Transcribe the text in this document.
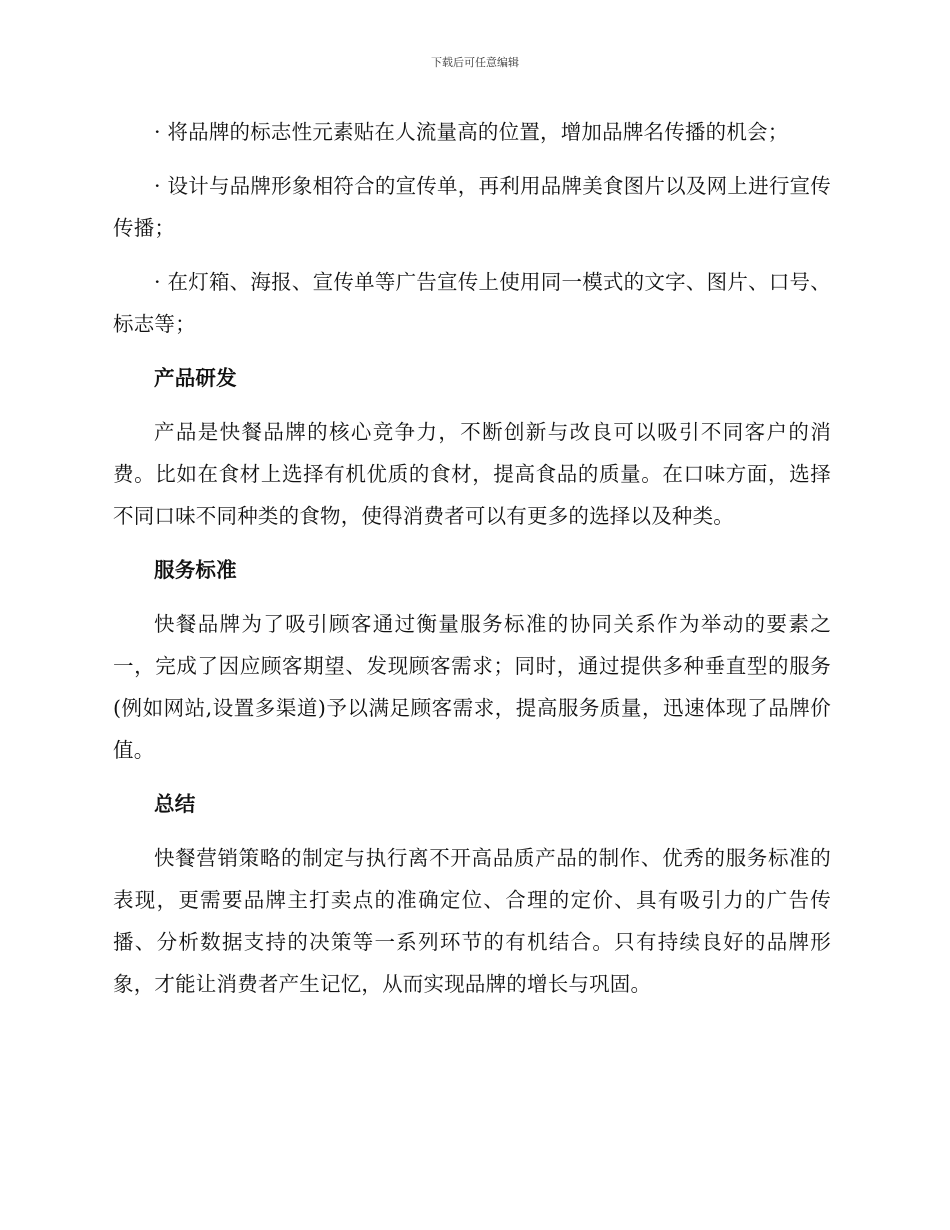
下载后可任意编辑

· 将品牌的标志性元素贴在人流量高的位置，增加品牌名传播的机会；

· 设计与品牌形象相符合的宣传单，再利用品牌美食图片以及网上进行宣传传播；

· 在灯箱、海报、宣传单等广告宣传上使用同一模式的文字、图片、口号、标志等；

产品研发

产品是快餐品牌的核心竞争力，不断创新与改良可以吸引不同客户的消费。比如在食材上选择有机优质的食材，提高食品的质量。在口味方面，选择不同口味不同种类的食物，使得消费者可以有更多的选择以及种类。

服务标准

快餐品牌为了吸引顾客通过衡量服务标准的协同关系作为举动的要素之一，完成了因应顾客期望、发现顾客需求；同时，通过提供多种垂直型的服务 (例如网站,设置多渠道)予以满足顾客需求，提高服务质量，迅速体现了品牌价值。

总结

快餐营销策略的制定与执行离不开高品质产品的制作、优秀的服务标准的表现，更需要品牌主打卖点的准确定位、合理的定价、具有吸引力的广告传播、分析数据支持的决策等一系列环节的有机结合。只有持续良好的品牌形象，才能让消费者产生记忆，从而实现品牌的增长与巩固。
